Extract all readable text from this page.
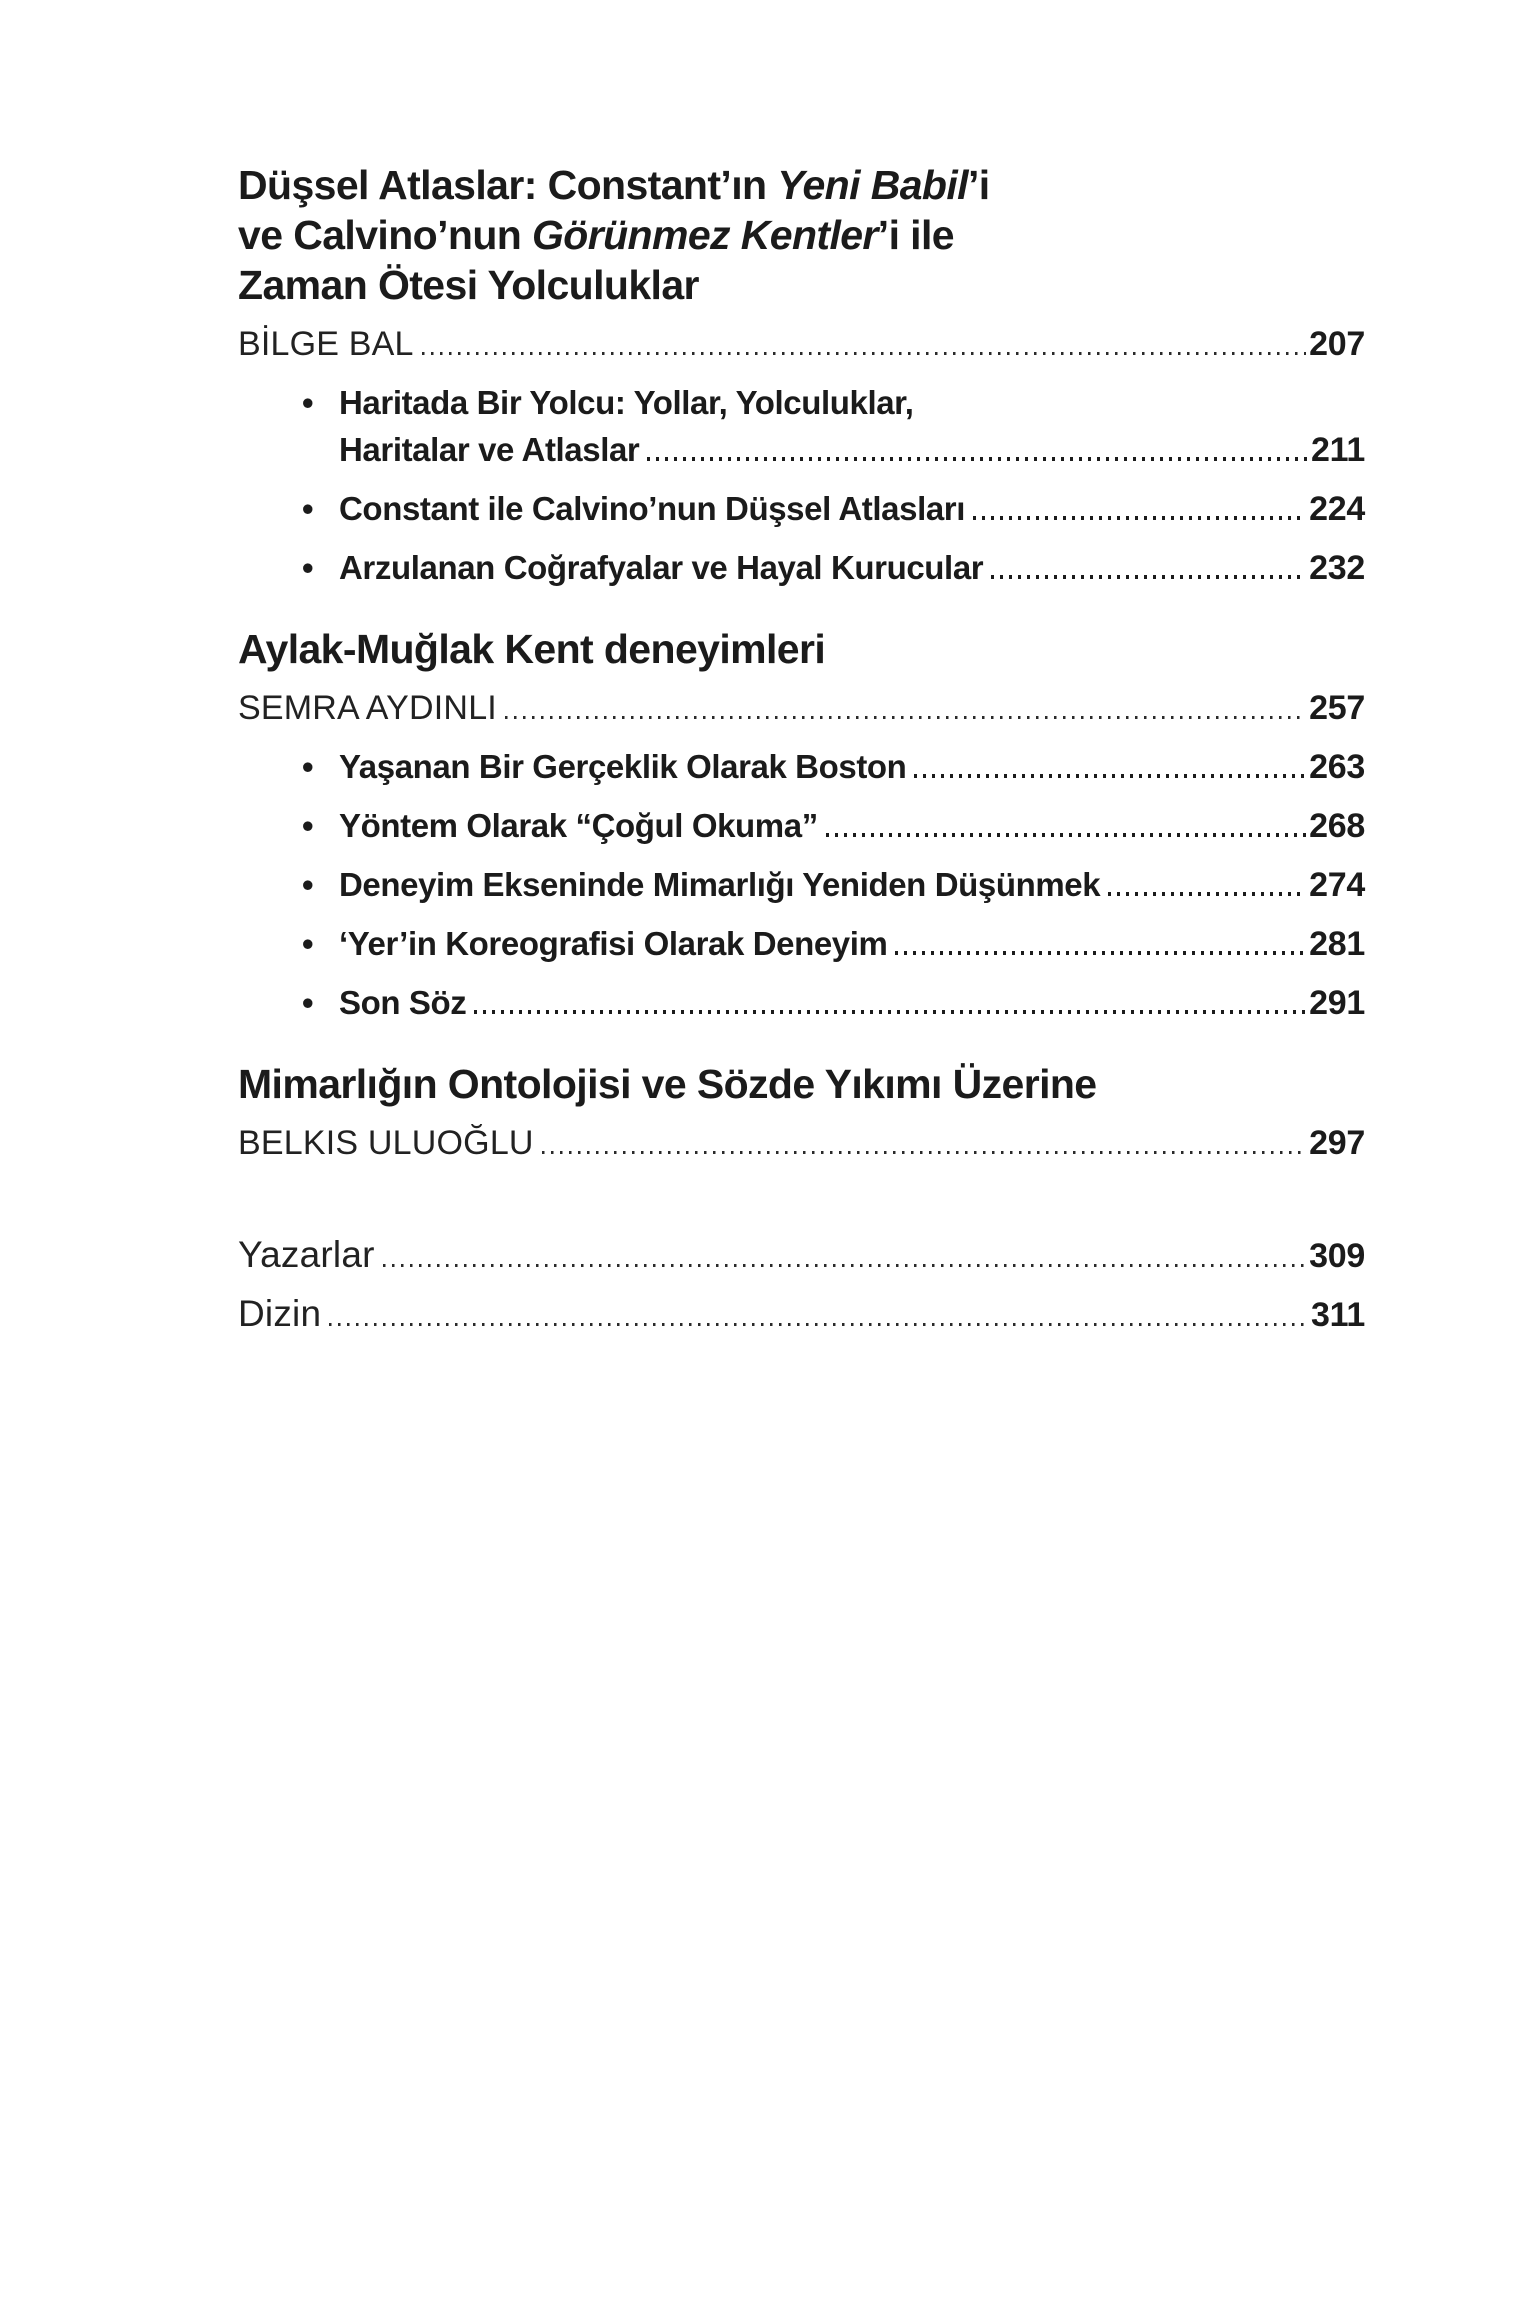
Düşsel Atlaslar: Constant’ın Yeni Babil’i
ve Calvino’nun Görünmez Kentler’i ile
Zaman Ötesi Yolculuklar
BİLGE BAL	207
• Haritada Bir Yolcu: Yollar, Yolculuklar,
Haritalar ve Atlaslar	211
• Constant ile Calvino’nun Düşsel Atlasları	224
• Arzulanan Coğrafyalar ve Hayal Kurucular	232
Aylak-Muğlak Kent deneyimleri
SEMRA AYDINLI	257
• Yaşanan Bir Gerçeklik Olarak Boston	263
• Yöntem Olarak “Çoğul Okuma”	268
• Deneyim Ekseninde Mimarlığı Yeniden Düşünmek	274
• ‘Yer’in Koreografisi Olarak Deneyim	281
• Son Söz	291
Mimarlığın Ontolojisi ve Sözde Yıkımı Üzerine
BELKIS ULUOĞLU	297
Yazarlar	309
Dizin	311
